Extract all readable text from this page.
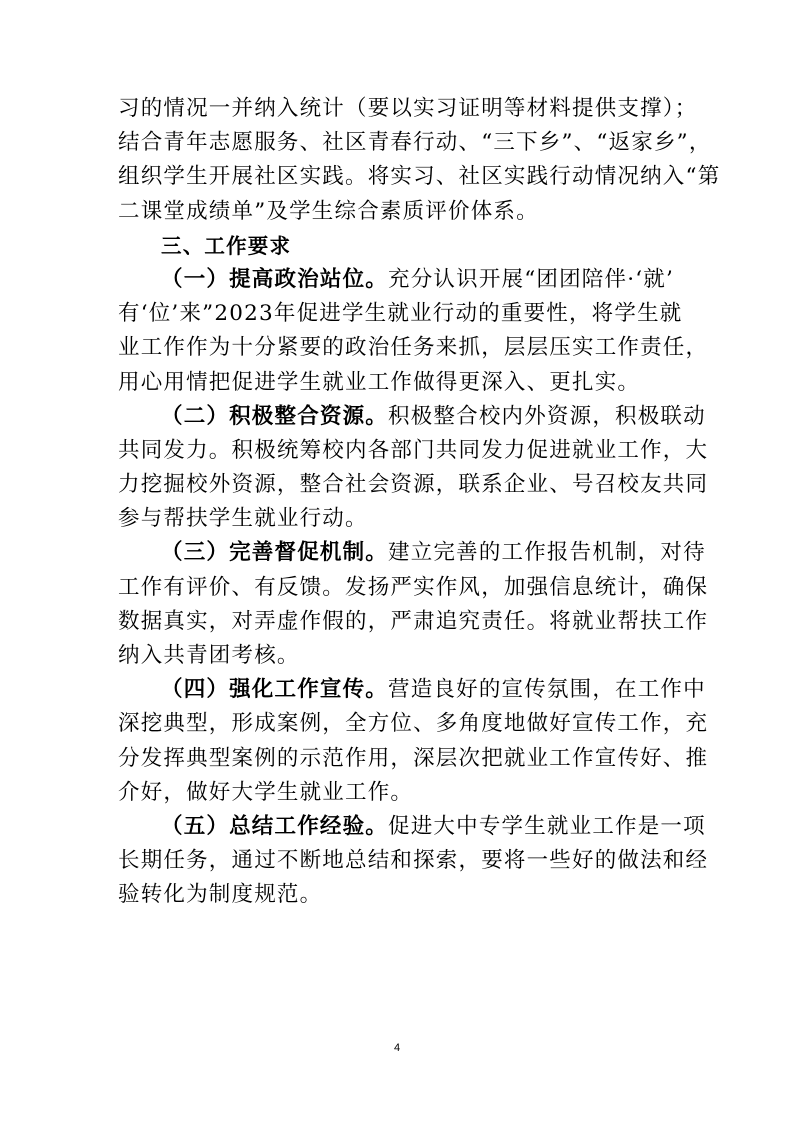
习的情况一并纳入统计（要以实习证明等材料提供支撑）；
结合青年志愿服务、社区青春行动、“三下乡”、“返家乡”，
组织学生开展社区实践。将实习、社区实践行动情况纳入“第
二课堂成绩单”及学生综合素质评价体系。
三、工作要求
（一）提高政治站位。充分认识开展“团团陪伴·‘就’
有‘位’来”2023年促进学生就业行动的重要性，将学生就
业工作作为十分紧要的政治任务来抓，层层压实工作责任，
用心用情把促进学生就业工作做得更深入、更扎实。
（二）积极整合资源。积极整合校内外资源，积极联动
共同发力。积极统筹校内各部门共同发力促进就业工作，大
力挖掘校外资源，整合社会资源，联系企业、号召校友共同
参与帮扶学生就业行动。
（三）完善督促机制。建立完善的工作报告机制，对待
工作有评价、有反馈。发扬严实作风，加强信息统计，确保
数据真实，对弄虚作假的，严肃追究责任。将就业帮扶工作
纳入共青团考核。
（四）强化工作宣传。营造良好的宣传氛围，在工作中
深挖典型，形成案例，全方位、多角度地做好宣传工作，充
分发挥典型案例的示范作用，深层次把就业工作宣传好、推
介好，做好大学生就业工作。
（五）总结工作经验。促进大中专学生就业工作是一项
长期任务，通过不断地总结和探索，要将一些好的做法和经
验转化为制度规范。
4
